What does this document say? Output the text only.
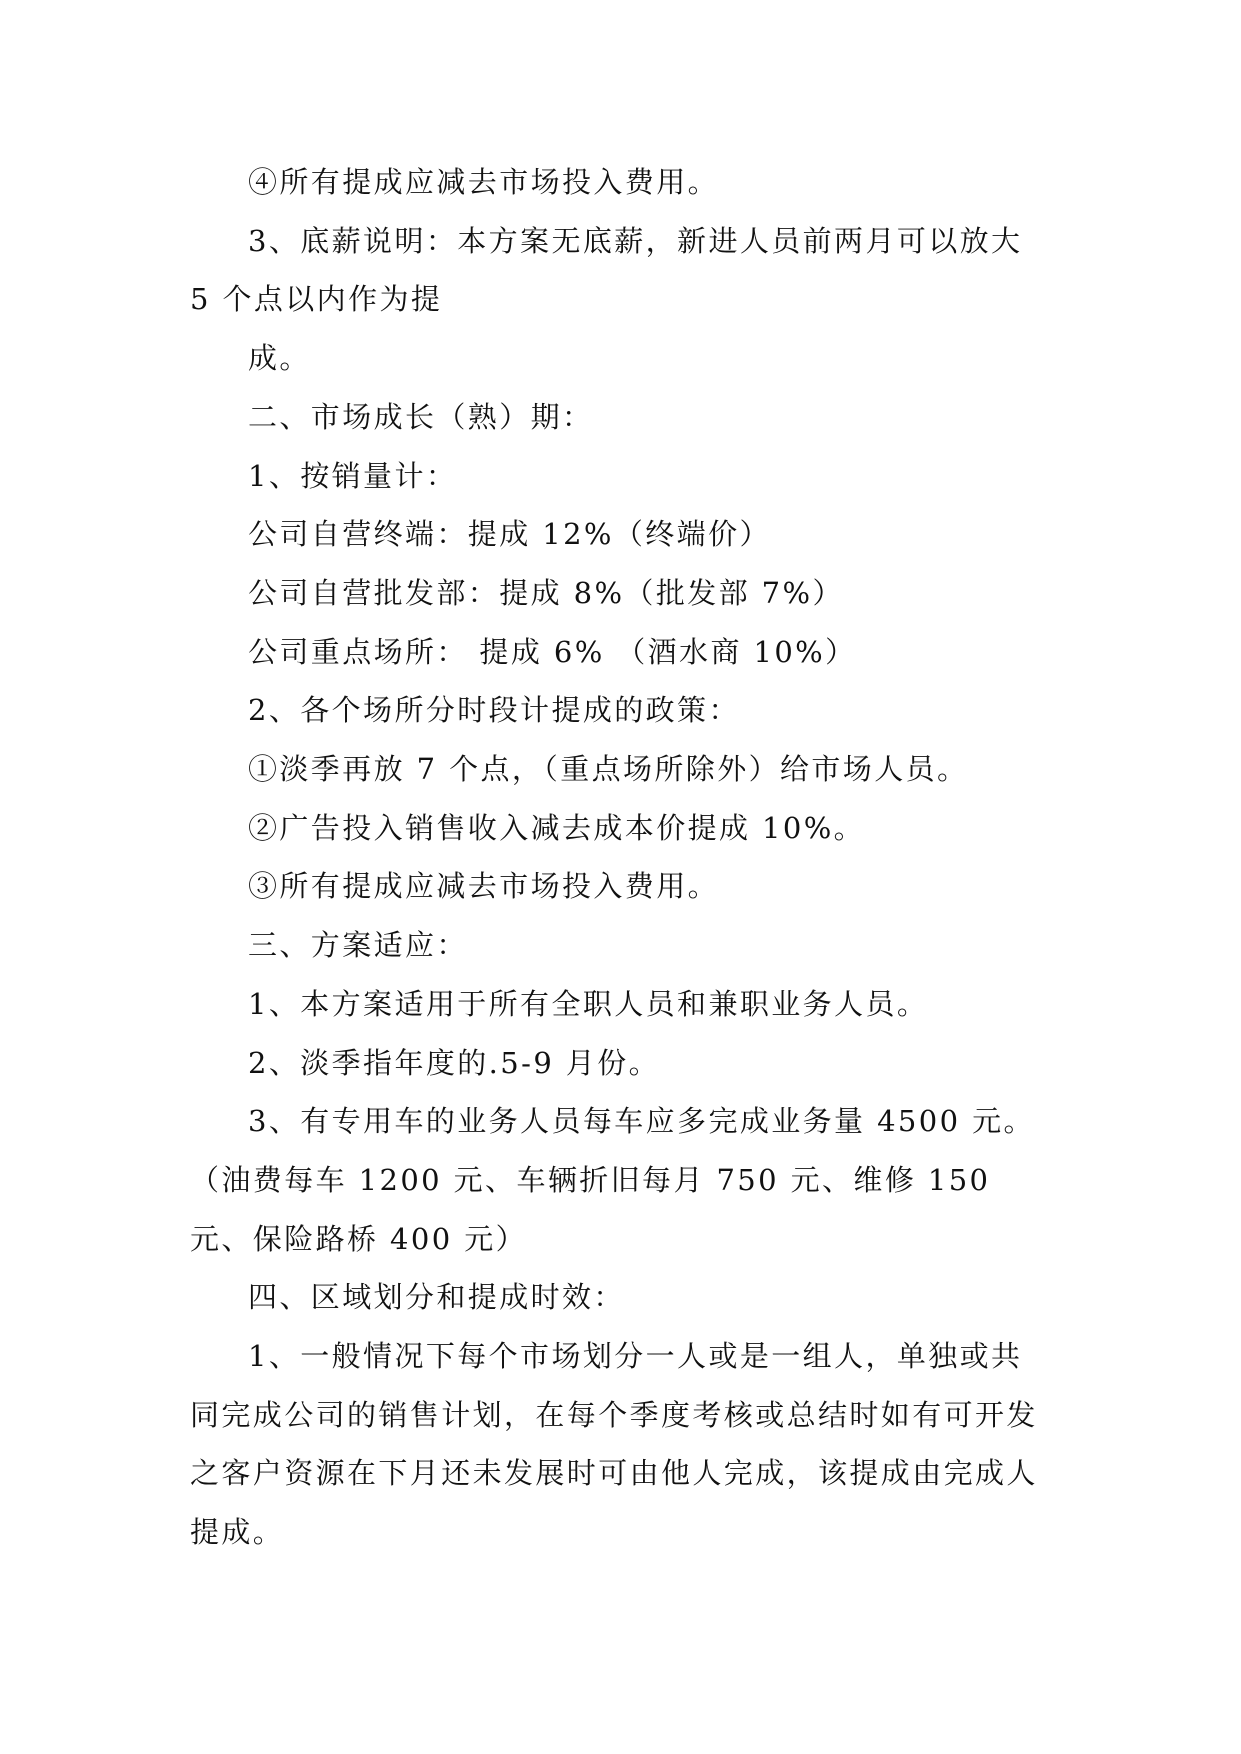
④所有提成应减去市场投入费用。

3、底薪说明：本方案无底薪，新进人员前两月可以放大 5 个点以内作为提

成。

二、市场成长（熟）期：

1、按销量计：

公司自营终端：提成 12%（终端价）

公司自营批发部：提成 8%（批发部 7%）

公司重点场所： 提成 6% （酒水商 10%）

2、各个场所分时段计提成的政策：

①淡季再放 7 个点，（重点场所除外）给市场人员。

②广告投入销售收入减去成本价提成 10%。

③所有提成应减去市场投入费用。

三、方案适应：

1、本方案适用于所有全职人员和兼职业务人员。

2、淡季指年度的.5-9 月份。

3、有专用车的业务人员每车应多完成业务量 4500 元。（油费每车 1200 元、车辆折旧每月 750 元、维修 150 元、保险路桥 400 元）

四、区域划分和提成时效：

1、一般情况下每个市场划分一人或是一组人，单独或共同完成公司的销售计划，在每个季度考核或总结时如有可开发之客户资源在下月还未发展时可由他人完成，该提成由完成人提成。
